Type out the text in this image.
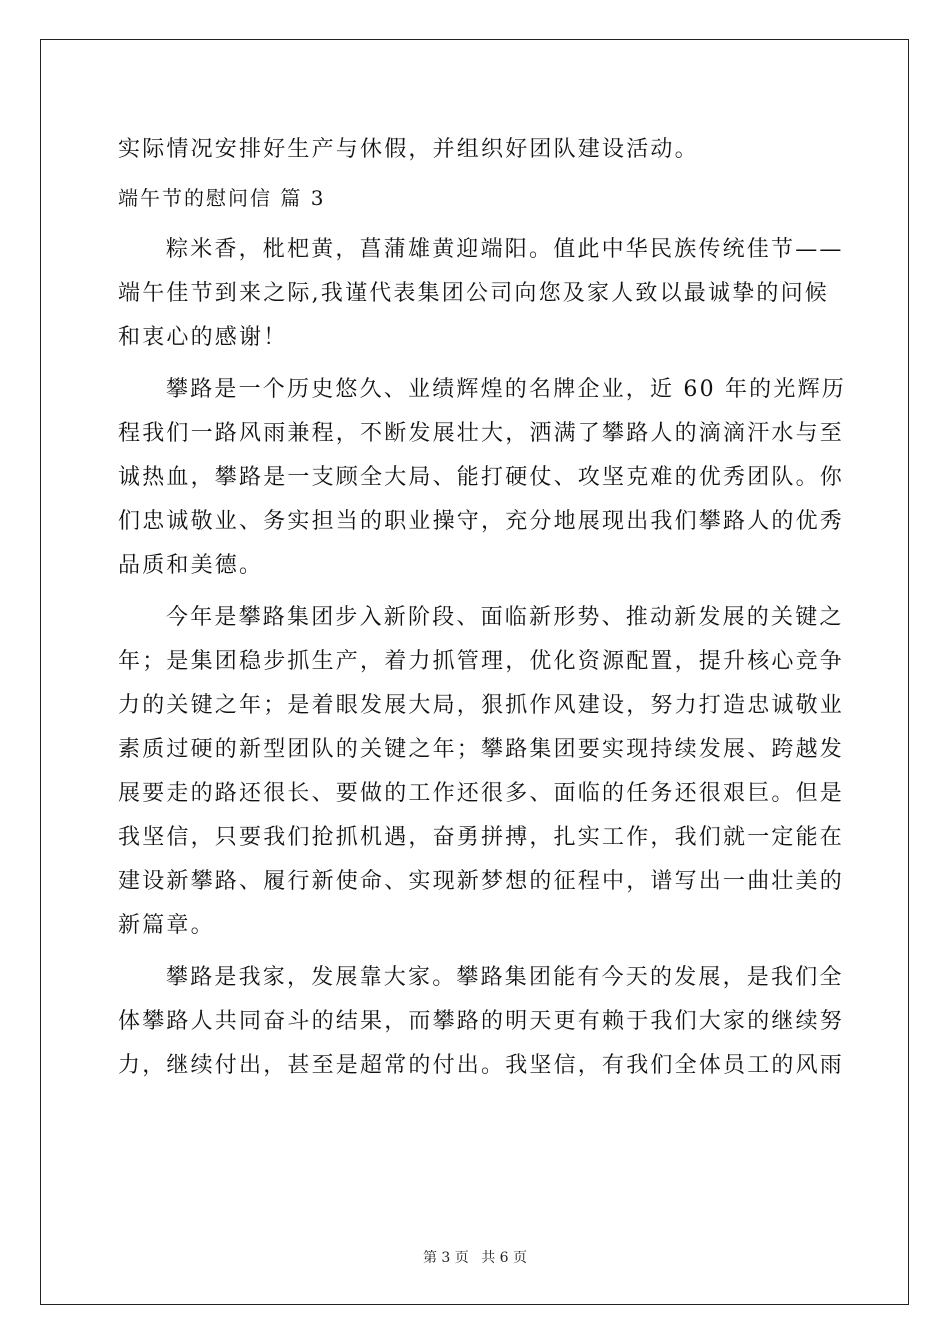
实际情况安排好生产与休假，并组织好团队建设活动。

端午节的慰问信 篇 3

粽米香，枇杷黄，菖蒲雄黄迎端阳。值此中华民族传统佳节——

端午佳节到来之际,我谨代表集团公司向您及家人致以最诚挚的问候

和衷心的感谢！

攀路是一个历史悠久、业绩辉煌的名牌企业，近 60 年的光辉历

程我们一路风雨兼程，不断发展壮大，洒满了攀路人的滴滴汗水与至

诚热血，攀路是一支顾全大局、能打硬仗、攻坚克难的优秀团队。你

们忠诚敬业、务实担当的职业操守，充分地展现出我们攀路人的优秀

品质和美德。

今年是攀路集团步入新阶段、面临新形势、推动新发展的关键之

年；是集团稳步抓生产，着力抓管理，优化资源配置，提升核心竞争

力的关键之年；是着眼发展大局，狠抓作风建设，努力打造忠诚敬业

素质过硬的新型团队的关键之年；攀路集团要实现持续发展、跨越发

展要走的路还很长、要做的工作还很多、面临的任务还很艰巨。但是

我坚信，只要我们抢抓机遇，奋勇拼搏，扎实工作，我们就一定能在

建设新攀路、履行新使命、实现新梦想的征程中，谱写出一曲壮美的

新篇章。

攀路是我家，发展靠大家。攀路集团能有今天的发展，是我们全

体攀路人共同奋斗的结果，而攀路的明天更有赖于我们大家的继续努

力，继续付出，甚至是超常的付出。我坚信，有我们全体员工的风雨

第 3 页 共 6 页
